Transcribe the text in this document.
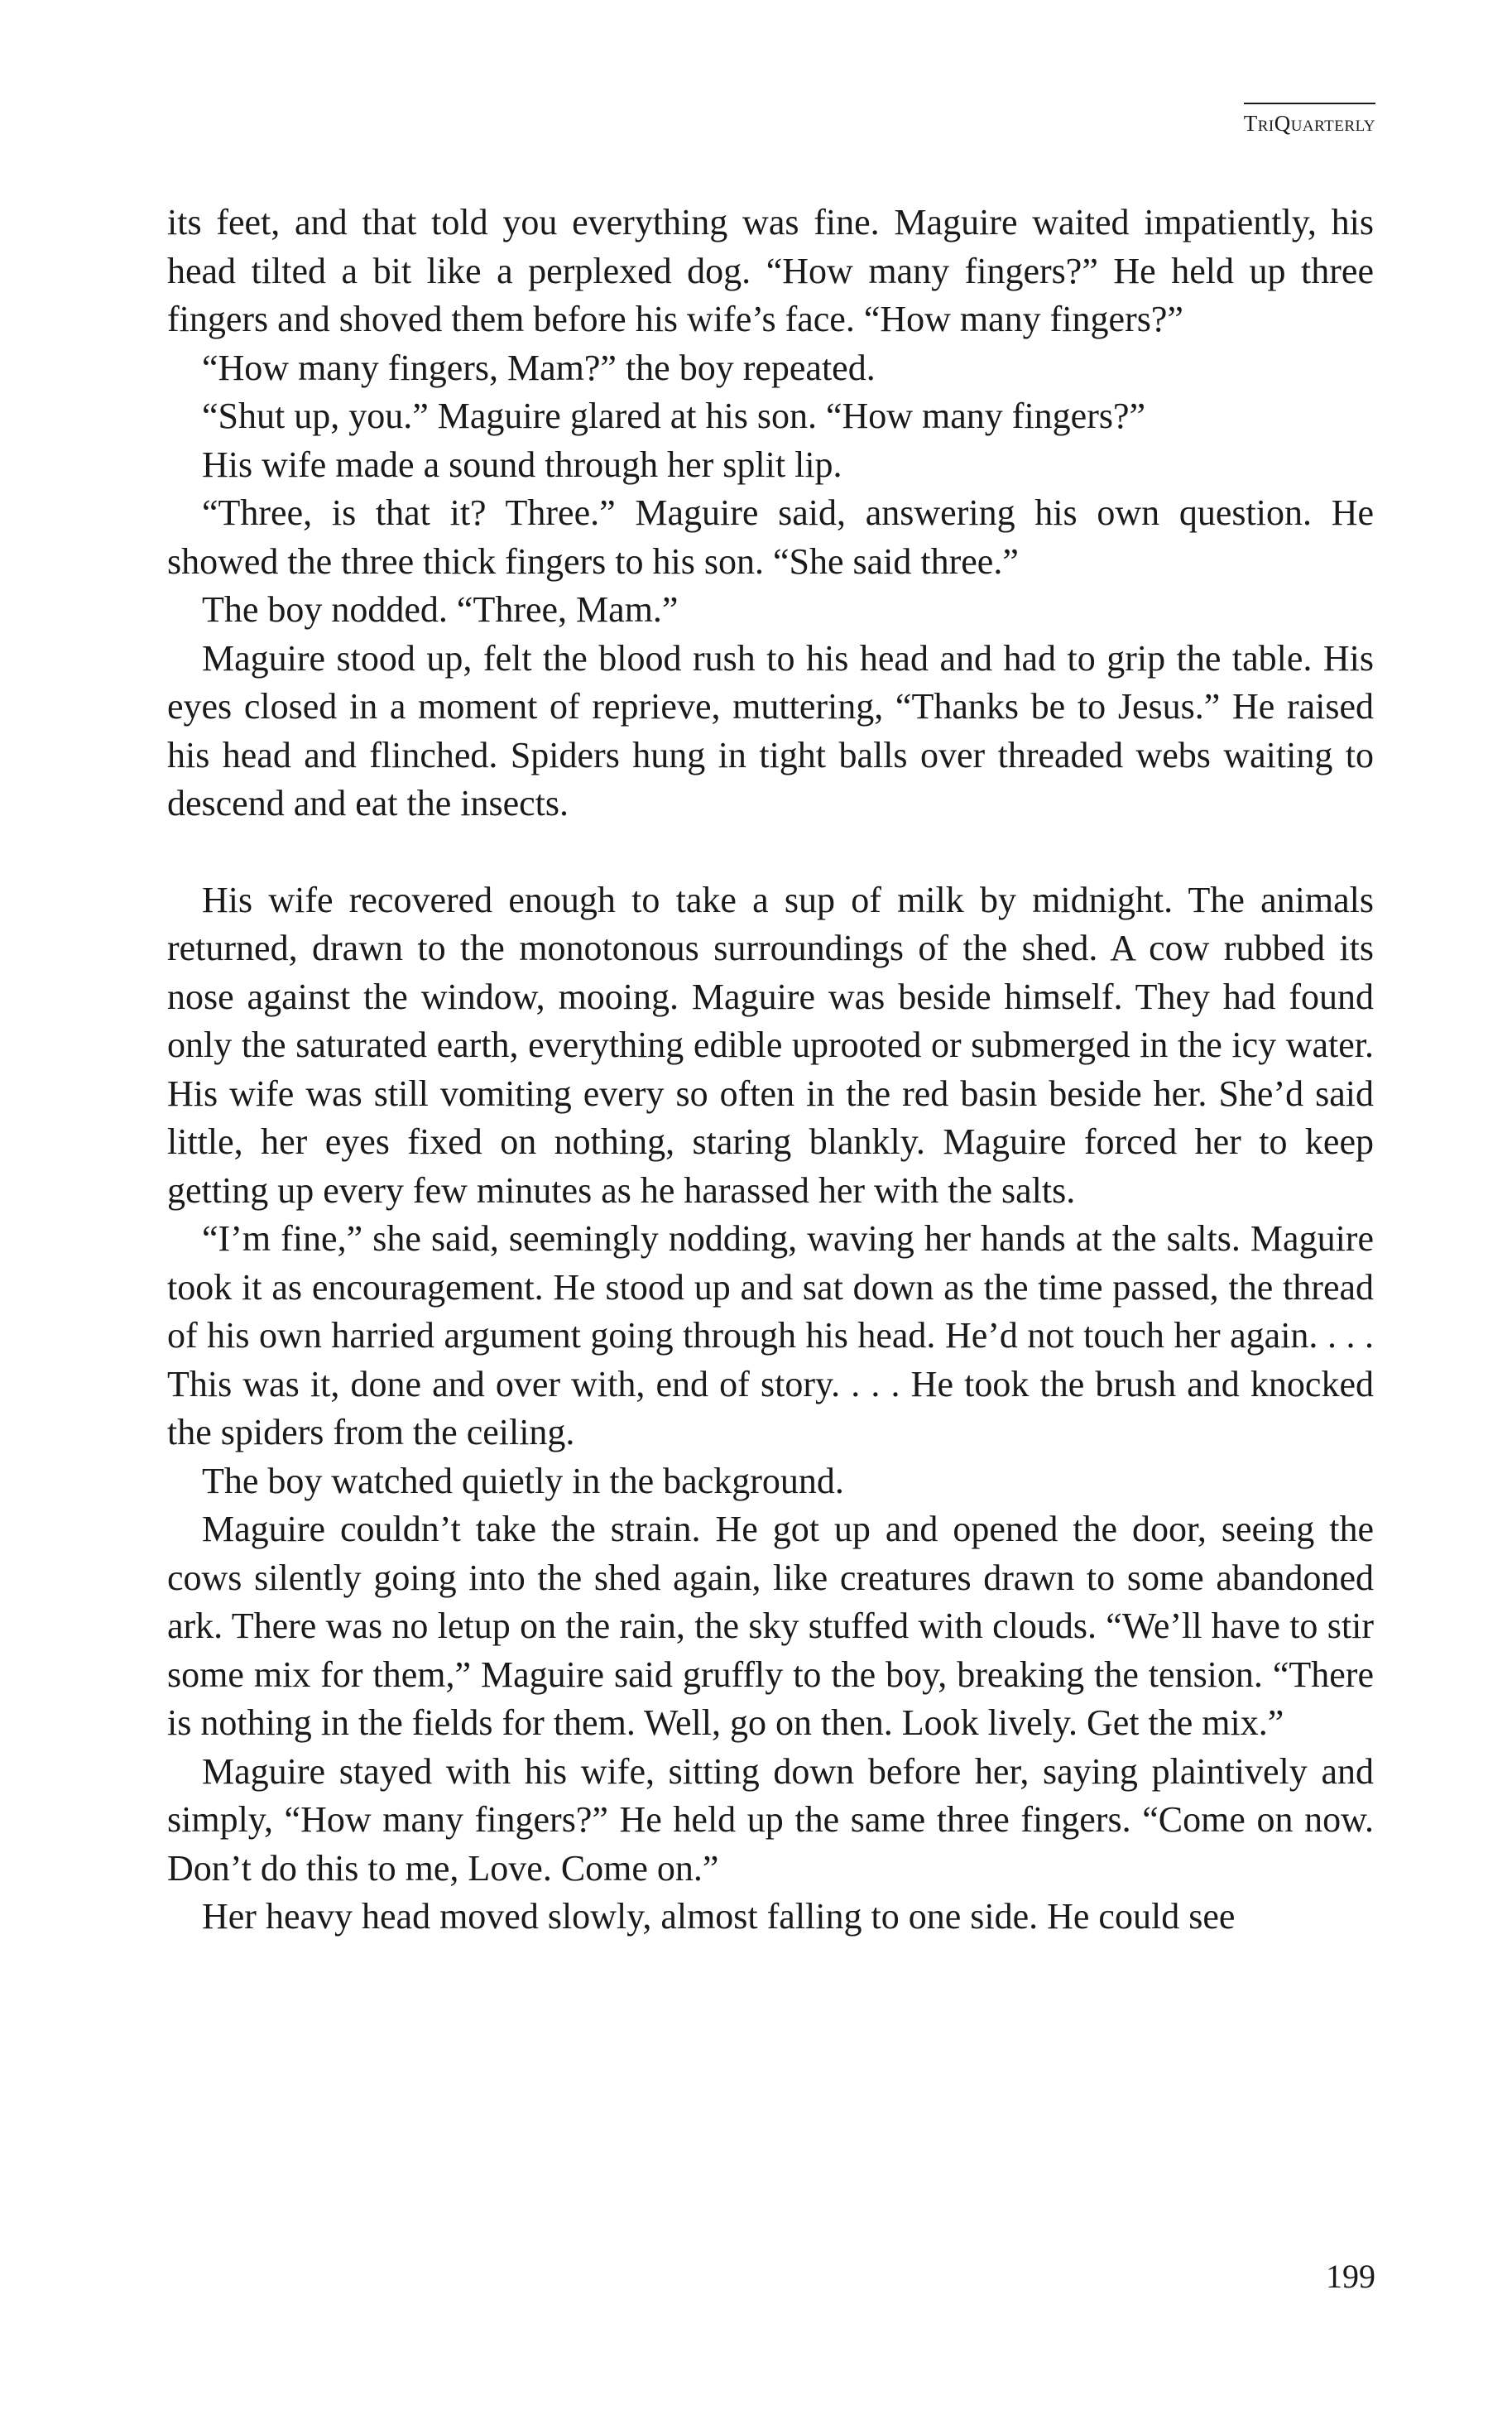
TriQuarterly

its feet, and that told you everything was fine. Maguire waited impatiently, his head tilted a bit like a perplexed dog. “How many fingers?” He held up three fingers and shoved them before his wife’s face. “How many fingers?”

“How many fingers, Mam?” the boy repeated.

“Shut up, you.” Maguire glared at his son. “How many fingers?”

His wife made a sound through her split lip.

“Three, is that it? Three.” Maguire said, answering his own question. He showed the three thick fingers to his son. “She said three.”

The boy nodded. “Three, Mam.”

Maguire stood up, felt the blood rush to his head and had to grip the table. His eyes closed in a moment of reprieve, muttering, “Thanks be to Jesus.” He raised his head and flinched. Spiders hung in tight balls over threaded webs waiting to descend and eat the insects.

His wife recovered enough to take a sup of milk by midnight. The animals returned, drawn to the monotonous surroundings of the shed. A cow rubbed its nose against the window, mooing. Maguire was beside himself. They had found only the saturated earth, everything edible uprooted or submerged in the icy water. His wife was still vomiting every so often in the red basin beside her. She’d said little, her eyes fixed on nothing, staring blankly. Maguire forced her to keep getting up every few minutes as he harassed her with the salts.

“I’m fine,” she said, seemingly nodding, waving her hands at the salts. Maguire took it as encouragement. He stood up and sat down as the time passed, the thread of his own harried argument going through his head. He’d not touch her again. . . . This was it, done and over with, end of story. . . . He took the brush and knocked the spiders from the ceiling.

The boy watched quietly in the background.

Maguire couldn’t take the strain. He got up and opened the door, seeing the cows silently going into the shed again, like creatures drawn to some abandoned ark. There was no letup on the rain, the sky stuffed with clouds. “We’ll have to stir some mix for them,” Maguire said gruffly to the boy, breaking the tension. “There is nothing in the fields for them. Well, go on then. Look lively. Get the mix.”

Maguire stayed with his wife, sitting down before her, saying plaintively and simply, “How many fingers?” He held up the same three fingers. “Come on now. Don’t do this to me, Love. Come on.”

Her heavy head moved slowly, almost falling to one side. He could see

199
